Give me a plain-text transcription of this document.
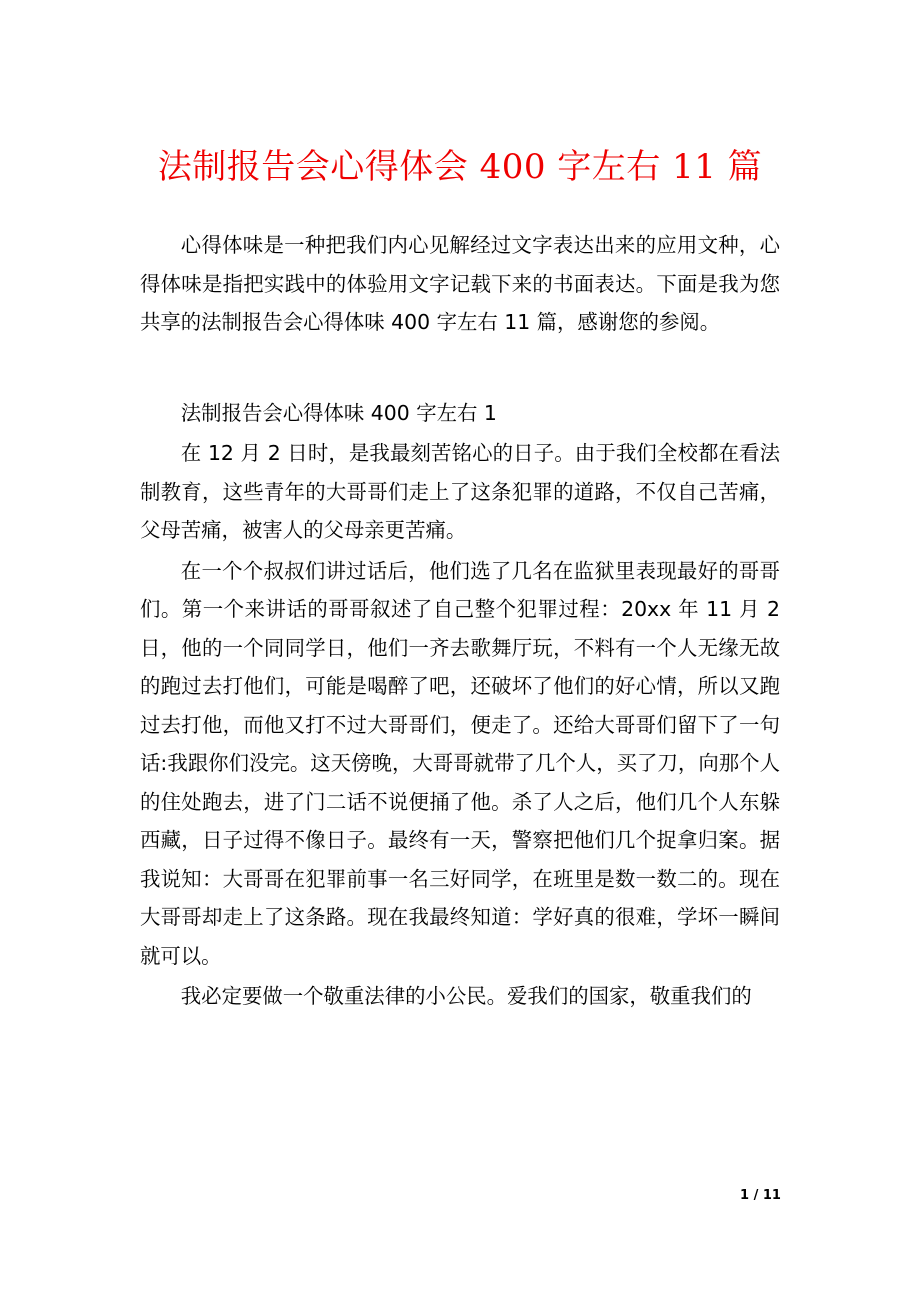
法制报告会心得体会 400 字左右 11 篇

心得体味是一种把我们内心见解经过文字表达出来的应用文种，心得体味是指把实践中的体验用文字记载下来的书面表达。下面是我为您共享的法制报告会心得体味 400 字左右 11 篇，感谢您的参阅。

法制报告会心得体味 400 字左右 1

在 12 月 2 日时，是我最刻苦铭心的日子。由于我们全校都在看法制教育，这些青年的大哥哥们走上了这条犯罪的道路，不仅自己苦痛，父母苦痛，被害人的父母亲更苦痛。

在一个个叔叔们讲过话后，他们选了几名在监狱里表现最好的哥哥们。第一个来讲话的哥哥叙述了自己整个犯罪过程：20xx 年 11 月 2 日，他的一个同同学日，他们一齐去歌舞厅玩，不料有一个人无缘无故的跑过去打他们，可能是喝醉了吧，还破坏了他们的好心情，所以又跑过去打他，而他又打不过大哥哥们，便走了。还给大哥哥们留下了一句话:我跟你们没完。这天傍晚，大哥哥就带了几个人，买了刀，向那个人的住处跑去，进了门二话不说便捅了他。杀了人之后，他们几个人东躲西藏，日子过得不像日子。最终有一天，警察把他们几个捉拿归案。据我说知：大哥哥在犯罪前事一名三好同学，在班里是数一数二的。现在大哥哥却走上了这条路。现在我最终知道：学好真的很难，学坏一瞬间就可以。

我必定要做一个敬重法律的小公民。爱我们的国家，敬重我们的

1 / 11
